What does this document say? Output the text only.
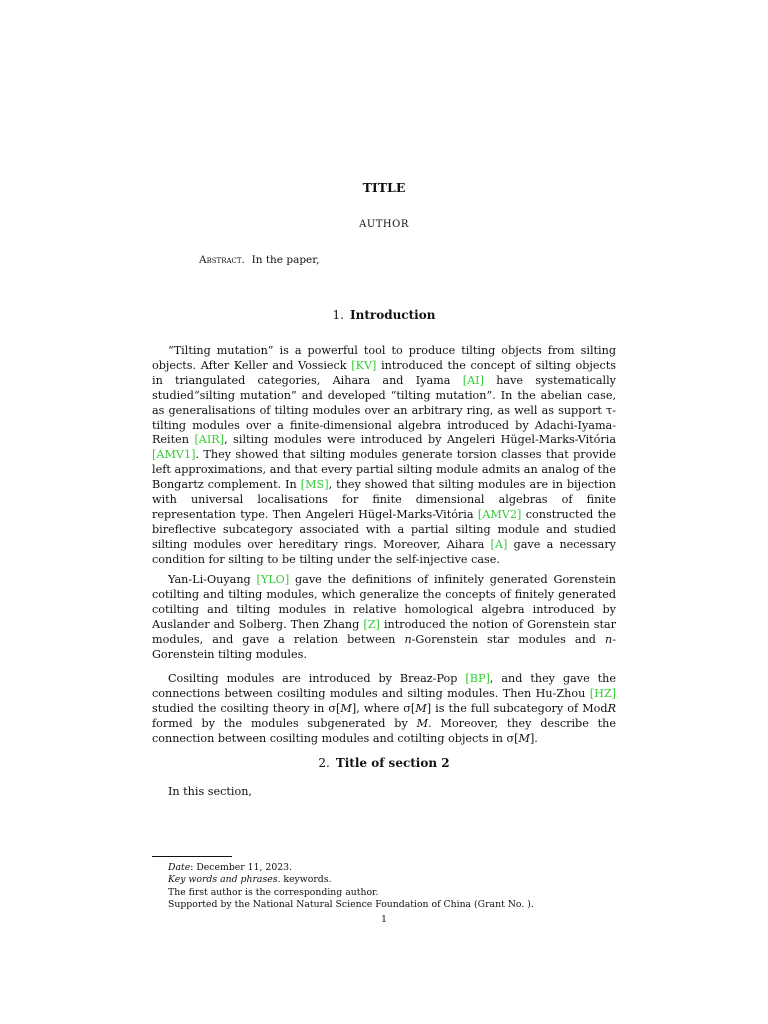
TITLE
AUTHOR
Abstract. In the paper,
1. Introduction

“Tilting mutation” is a powerful tool to produce tilting objects from silting objects. After Keller and Vossieck [KV] introduced the concept of silting objects in triangulated categories, Aihara and Iyama [AI] have systematically studied“silting mutation” and developed “tilting mutation”. In the abelian case, as generalisations of tilting modules over an arbitrary ring, as well as support τ-tilting modules over a finite-dimensional algebra introduced by Adachi-Iyama-Reiten [AIR], silting modules were introduced by Angeleri Hügel-Marks-Vitória [AMV1]. They showed that silting modules generate torsion classes that provide left approximations, and that every partial silting module admits an analog of the Bongartz complement. In [MS], they showed that silting modules are in bijection with universal localisations for finite dimensional algebras of finite representation type. Then Angeleri Hügel-Marks-Vitória [AMV2] constructed the bireflective subcategory associated with a partial silting module and studied silting modules over hereditary rings. Moreover, Aihara [A] gave a necessary condition for silting to be tilting under the self-injective case.

Yan-Li-Ouyang [YLO] gave the definitions of infinitely generated Gorenstein cotilting and tilting modules, which generalize the concepts of finitely generated cotilting and tilting modules in relative homological algebra introduced by Auslander and Solberg. Then Zhang [Z] introduced the notion of Gorenstein star modules, and gave a relation between n-Gorenstein star modules and n-Gorenstein tilting modules.

Cosilting modules are introduced by Breaz-Pop [BP], and they gave the connections between cosilting modules and silting modules. Then Hu-Zhou [HZ] studied the cosilting theory in σ[M], where σ[M] is the full subcategory of ModR formed by the modules subgenerated by M. Moreover, they describe the connection between cosilting modules and cotilting objects in σ[M].

2. Title of section 2

In this section,

Date: December 11, 2023.
Key words and phrases. keywords.
The first author is the corresponding author.
Supported by the National Natural Science Foundation of China (Grant No. ).
1
